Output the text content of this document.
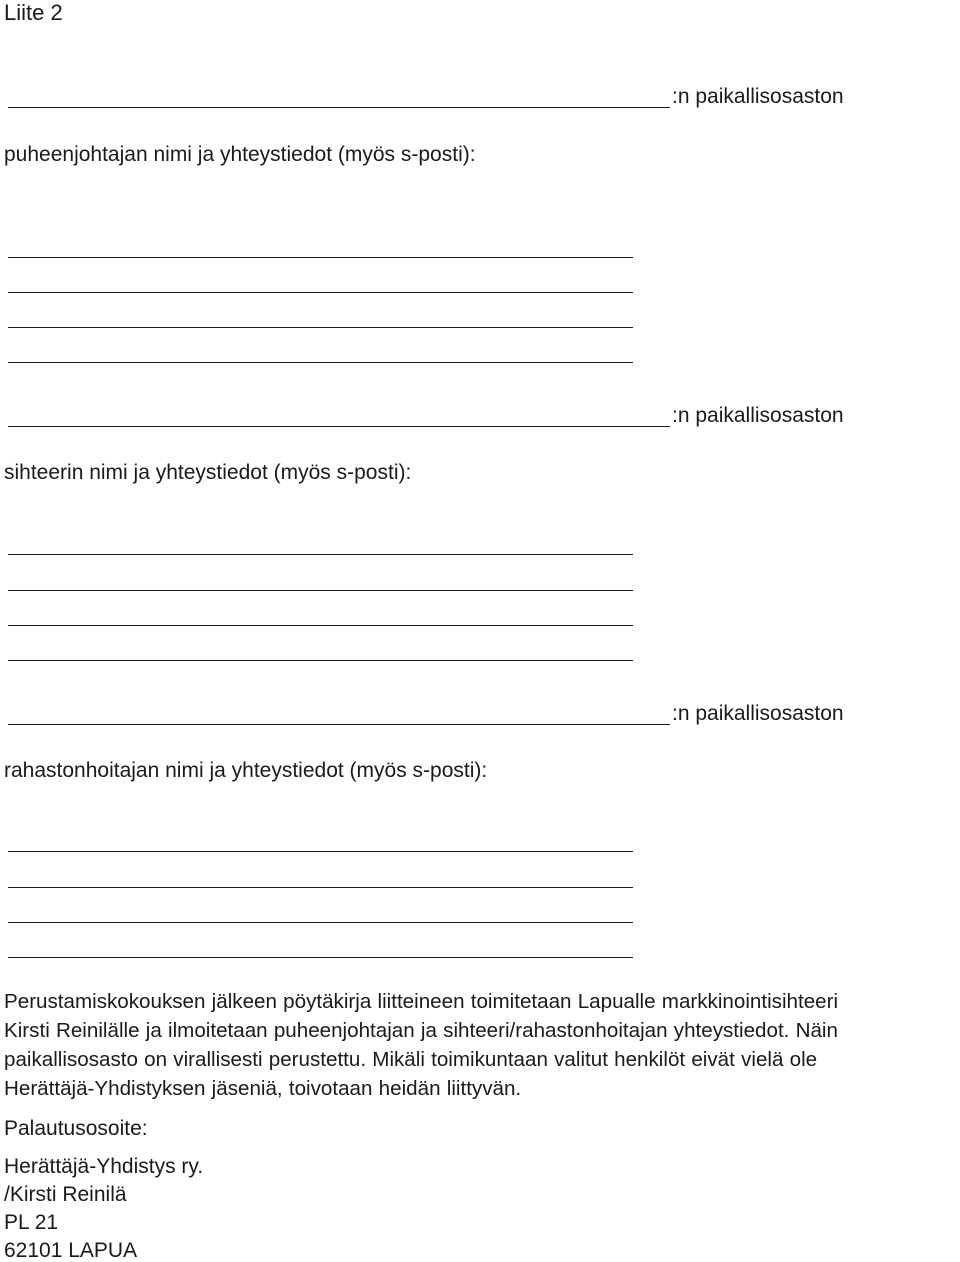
Liite 2
:n paikallisosaston
puheenjohtajan nimi ja yhteystiedot (myös s-posti):
:n paikallisosaston
sihteerin nimi ja yhteystiedot (myös s-posti):
:n paikallisosaston
rahastonhoitajan nimi ja yhteystiedot (myös s-posti):

Perustamiskokouksen jälkeen pöytäkirja liitteineen toimitetaan Lapualle markkinointisihteeri
Kirsti Reinilälle ja ilmoitetaan puheenjohtajan ja sihteeri/rahastonhoitajan yhteystiedot. Näin
paikallisosasto on virallisesti perustettu. Mikäli toimikuntaan valitut henkilöt eivät vielä ole
Herättäjä-Yhdistyksen jäseniä, toivotaan heidän liittyvän.

Palautusosoite:
Herättäjä-Yhdistys ry.
/Kirsti Reinilä
PL 21
62101 LAPUA
